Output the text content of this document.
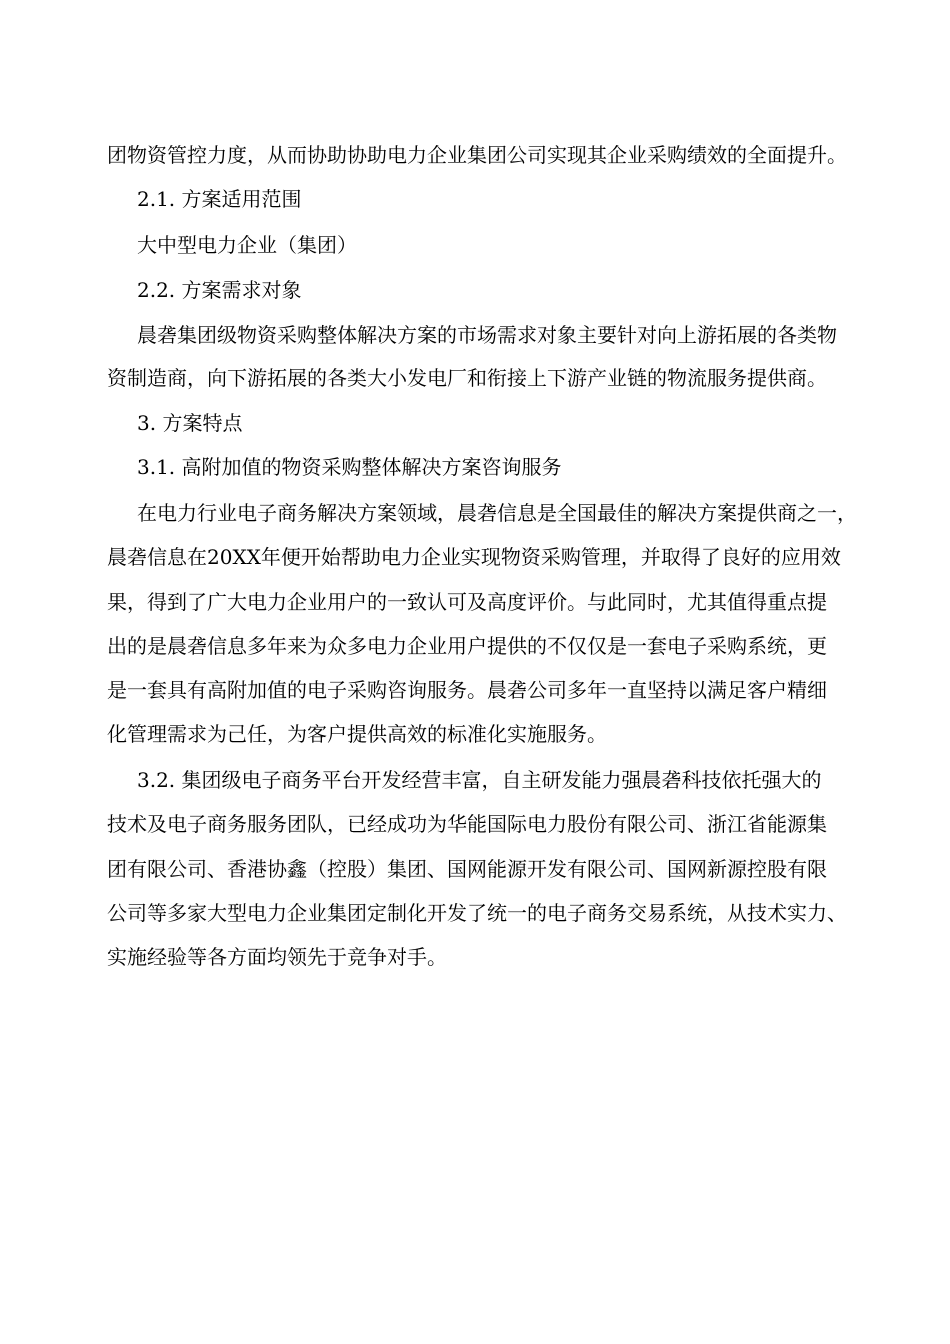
团物资管控力度，从而协助协助电力企业集团公司实现其企业采购绩效的全面提升。
2.1. 方案适用范围
大中型电力企业（集团）
2.2. 方案需求对象
晨砻集团级物资采购整体解决方案的市场需求对象主要针对向上游拓展的各类物
资制造商，向下游拓展的各类大小发电厂和衔接上下游产业链的物流服务提供商。
3. 方案特点
3.1. 高附加值的物资采购整体解决方案咨询服务
在电力行业电子商务解决方案领域，晨砻信息是全国最佳的解决方案提供商之一，
晨砻信息在20XX年便开始帮助电力企业实现物资采购管理，并取得了良好的应用效
果，得到了广大电力企业用户的一致认可及高度评价。与此同时，尤其值得重点提
出的是晨砻信息多年来为众多电力企业用户提供的不仅仅是一套电子采购系统，更
是一套具有高附加值的电子采购咨询服务。晨砻公司多年一直坚持以满足客户精细
化管理需求为己任，为客户提供高效的标准化实施服务。
3.2. 集团级电子商务平台开发经营丰富，自主研发能力强晨砻科技依托强大的
技术及电子商务服务团队，已经成功为华能国际电力股份有限公司、浙江省能源集
团有限公司、香港协鑫（控股）集团、国网能源开发有限公司、国网新源控股有限
公司等多家大型电力企业集团定制化开发了统一的电子商务交易系统，从技术实力、
实施经验等各方面均领先于竞争对手。
